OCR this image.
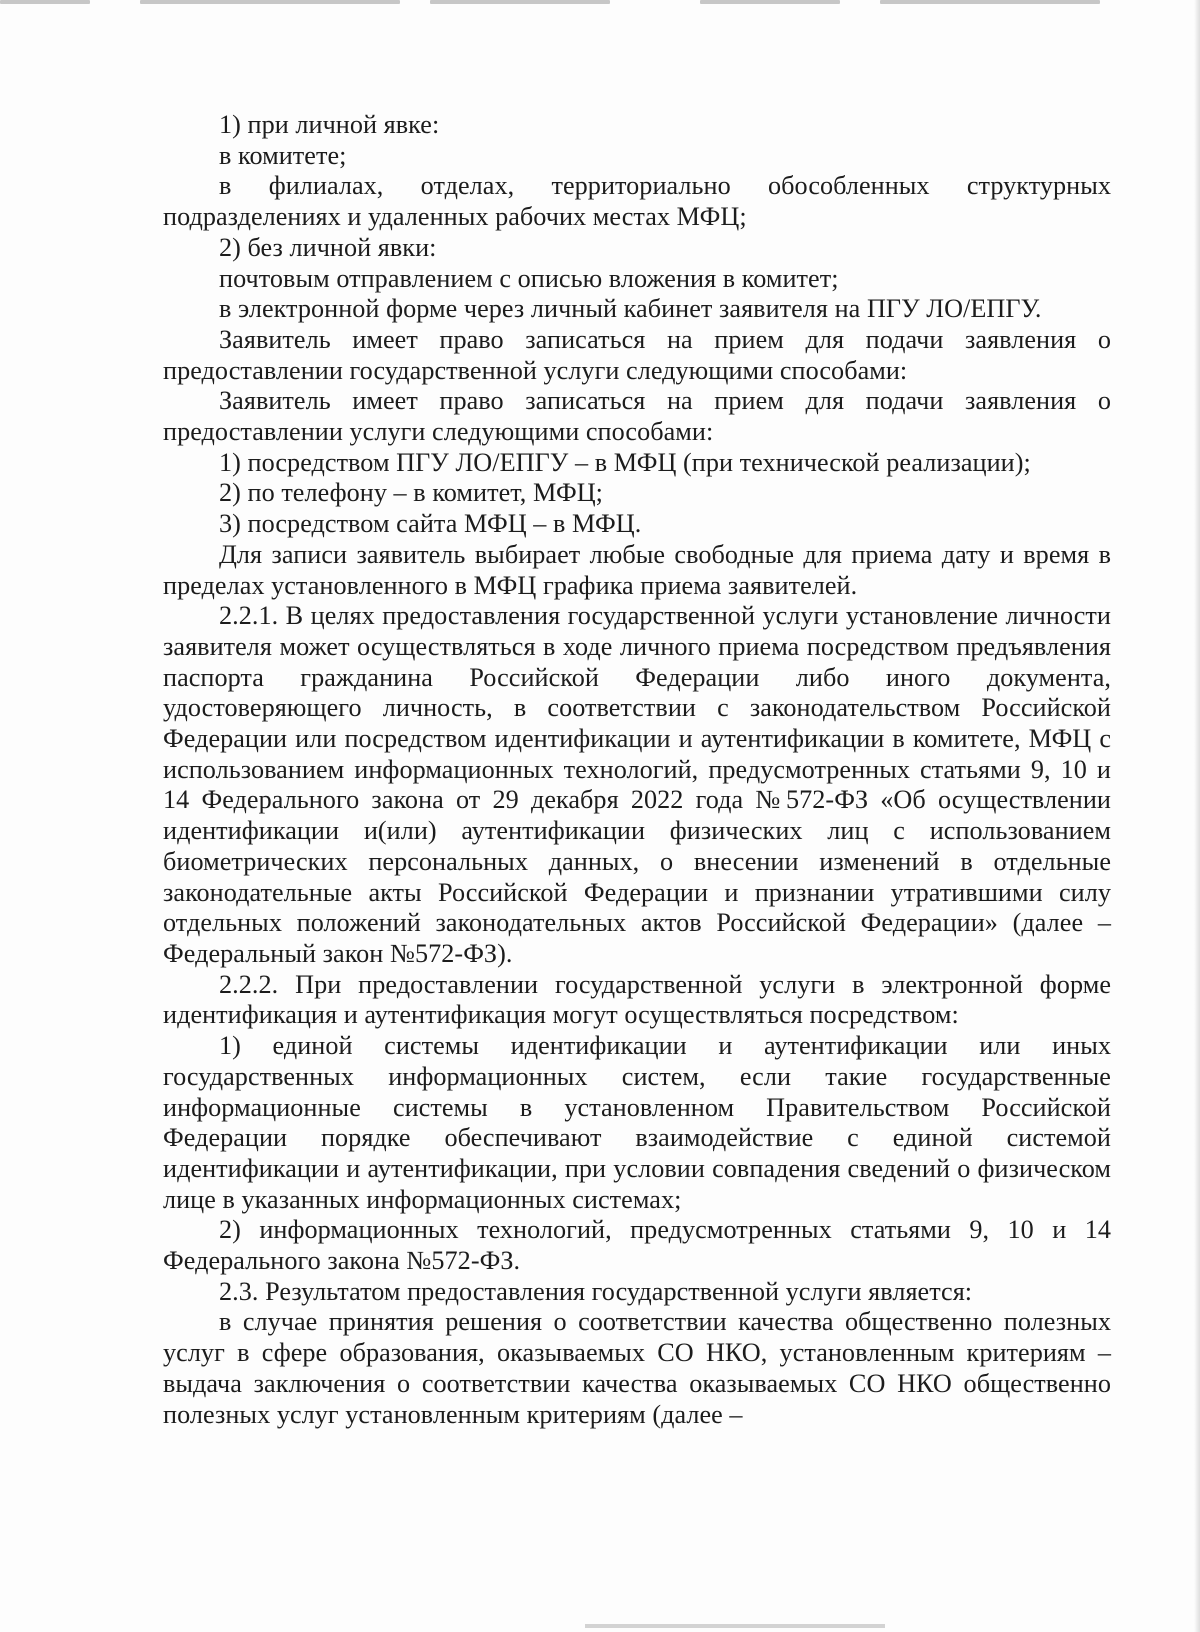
1) при личной явке:

в комитете;

в филиалах, отделах, территориально обособленных структурных подразделениях и удаленных рабочих местах МФЦ;

2) без личной явки:

почтовым отправлением с описью вложения в комитет;

в электронной форме через личный кабинет заявителя на ПГУ ЛО/ЕПГУ.

Заявитель имеет право записаться на прием для подачи заявления о предоставлении государственной услуги следующими способами:

Заявитель имеет право записаться на прием для подачи заявления о предоставлении услуги следующими способами:

1) посредством ПГУ ЛО/ЕПГУ – в МФЦ (при технической реализации);

2) по телефону – в комитет, МФЦ;

3) посредством сайта МФЦ – в МФЦ.

Для записи заявитель выбирает любые свободные для приема дату и время в пределах установленного в МФЦ графика приема заявителей.

2.2.1. В целях предоставления государственной услуги установление личности заявителя может осуществляться в ходе личного приема посредством предъявления паспорта гражданина Российской Федерации либо иного документа, удостоверяющего личность, в соответствии с законодательством Российской Федерации или посредством идентификации и аутентификации в комитете, МФЦ с использованием информационных технологий, предусмотренных статьями 9, 10 и 14 Федерального закона от 29 декабря 2022 года №572-ФЗ «Об осуществлении идентификации и(или) аутентификации физических лиц с использованием биометрических персональных данных, о внесении изменений в отдельные законодательные акты Российской Федерации и признании утратившими силу отдельных положений законодательных актов Российской Федерации» (далее – Федеральный закон №572-ФЗ).

2.2.2. При предоставлении государственной услуги в электронной форме идентификация и аутентификация могут осуществляться посредством:

1) единой системы идентификации и аутентификации или иных государственных информационных систем, если такие государственные информационные системы в установленном Правительством Российской Федерации порядке обеспечивают взаимодействие с единой системой идентификации и аутентификации, при условии совпадения сведений о физическом лице в указанных информационных системах;

2) информационных технологий, предусмотренных статьями 9, 10 и 14 Федерального закона №572-ФЗ.

2.3. Результатом предоставления государственной услуги является:

в случае принятия решения о соответствии качества общественно полезных услуг в сфере образования, оказываемых СО НКО, установленным критериям – выдача заключения о соответствии качества оказываемых СО НКО общественно полезных услуг установленным критериям (далее –
